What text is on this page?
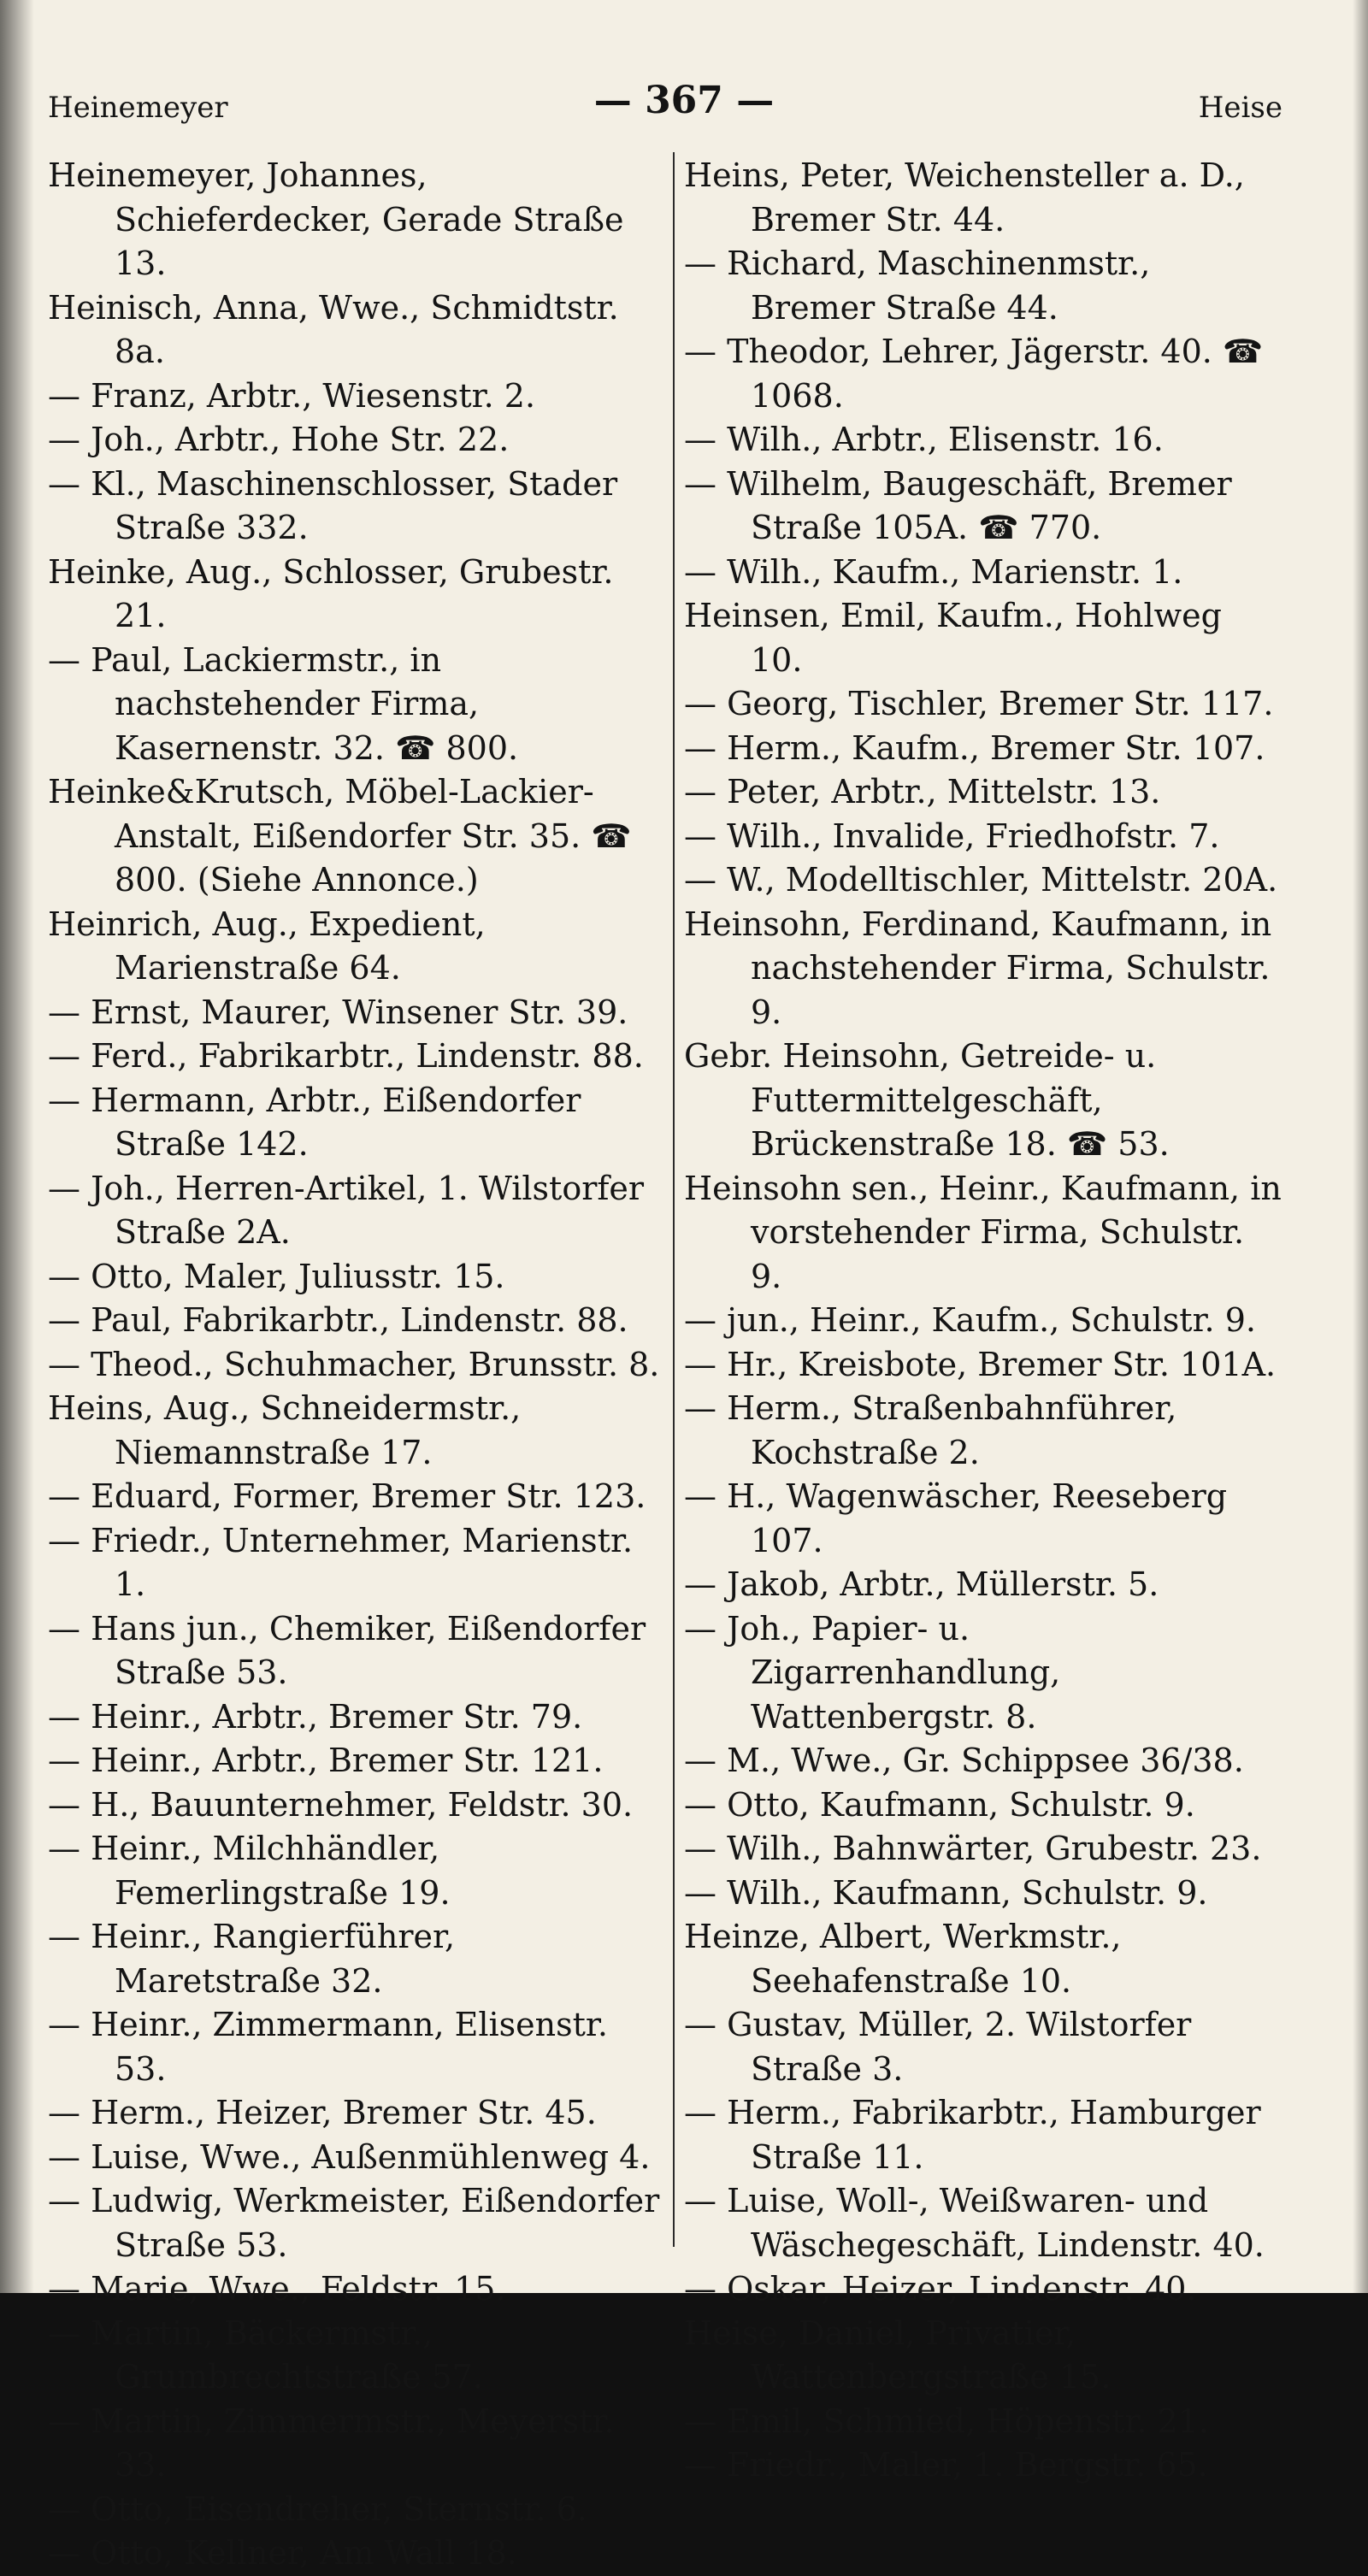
Heinemeyer	— 367 —	Heise
Heinemeyer, Johannes, Schieferdecker, Gerade Straße 13.
Heinisch, Anna, Wwe., Schmidtstr. 8a.
— Franz, Arbtr., Wiesenstr. 2.
— Joh., Arbtr., Hohe Str. 22.
— Kl., Maschinenschlosser, Stader Straße 332.
Heinke, Aug., Schlosser, Grubestr. 21.
— Paul, Lackiermstr., in nachstehender Firma, Kasernenstr. 32. ☎ 800.
Heinke&Krutsch, Möbel-Lackier-Anstalt, Eißendorfer Str. 35. ☎ 800. (Siehe Annonce.)
Heinrich, Aug., Expedient, Marienstraße 64.
— Ernst, Maurer, Winsener Str. 39.
— Ferd., Fabrikarbtr., Lindenstr. 88.
— Hermann, Arbtr., Eißendorfer Straße 142.
— Joh., Herren-Artikel, 1. Wilstorfer Straße 2A.
— Otto, Maler, Juliusstr. 15.
— Paul, Fabrikarbtr., Lindenstr. 88.
— Theod., Schuhmacher, Brunsstr. 8.
Heins, Aug., Schneidermstr., Niemannstraße 17.
— Eduard, Former, Bremer Str. 123.
— Friedr., Unternehmer, Marienstr. 1.
— Hans jun., Chemiker, Eißendorfer Straße 53.
— Heinr., Arbtr., Bremer Str. 79.
— Heinr., Arbtr., Bremer Str. 121.
— H., Bauunternehmer, Feldstr. 30.
— Heinr., Milchhändler, Femerlingstraße 19.
— Heinr., Rangierführer, Maretstraße 32.
— Heinr., Zimmermann, Elisenstr. 53.
— Herm., Heizer, Bremer Str. 45.
— Luise, Wwe., Außenmühlenweg 4.
— Ludwig, Werkmeister, Eißendorfer Straße 53.
— Marie, Wwe., Feldstr. 15.
— Martin, Bäckermstr., Grumbrechtstraße 57.
— Martin, Zimmermstr., Meyerstr. 33.
— Otto, Eisendreher, Sternstr. 6.
— Otto, Kellner, Am Wall 18.
Heins, Peter, Weichensteller a. D., Bremer Str. 44.
— Richard, Maschinenmstr., Bremer Straße 44.
— Theodor, Lehrer, Jägerstr. 40. ☎ 1068.
— Wilh., Arbtr., Elisenstr. 16.
— Wilhelm, Baugeschäft, Bremer Straße 105A. ☎ 770.
— Wilh., Kaufm., Marienstr. 1.
Heinsen, Emil, Kaufm., Hohlweg 10.
— Georg, Tischler, Bremer Str. 117.
— Herm., Kaufm., Bremer Str. 107.
— Peter, Arbtr., Mittelstr. 13.
— Wilh., Invalide, Friedhofstr. 7.
— W., Modelltischler, Mittelstr. 20A.
Heinsohn, Ferdinand, Kaufmann, in nachstehender Firma, Schulstr. 9.
Gebr. Heinsohn, Getreide- u. Futtermittelgeschäft, Brückenstraße 18. ☎ 53.
Heinsohn sen., Heinr., Kaufmann, in vorstehender Firma, Schulstr. 9.
— jun., Heinr., Kaufm., Schulstr. 9.
— Hr., Kreisbote, Bremer Str. 101A.
— Herm., Straßenbahnführer, Kochstraße 2.
— H., Wagenwäscher, Reeseberg 107.
— Jakob, Arbtr., Müllerstr. 5.
— Joh., Papier- u. Zigarrenhandlung, Wattenbergstr. 8.
— M., Wwe., Gr. Schippsee 36/38.
— Otto, Kaufmann, Schulstr. 9.
— Wilh., Bahnwärter, Grubestr. 23.
— Wilh., Kaufmann, Schulstr. 9.
Heinze, Albert, Werkmstr., Seehafenstraße 10.
— Gustav, Müller, 2. Wilstorfer Straße 3.
— Herm., Fabrikarbtr., Hamburger Straße 11.
— Luise, Woll-, Weißwaren- und Wäschegeschäft, Lindenstr. 40.
— Oskar, Heizer, Lindenstr. 40.
Heise, Daniel, Privatier, Wattenbergstraße 15.
— Emil, Schmied, Höpenstr. 21.
— Friedr., Maler, 1. Bergstr. 65.
